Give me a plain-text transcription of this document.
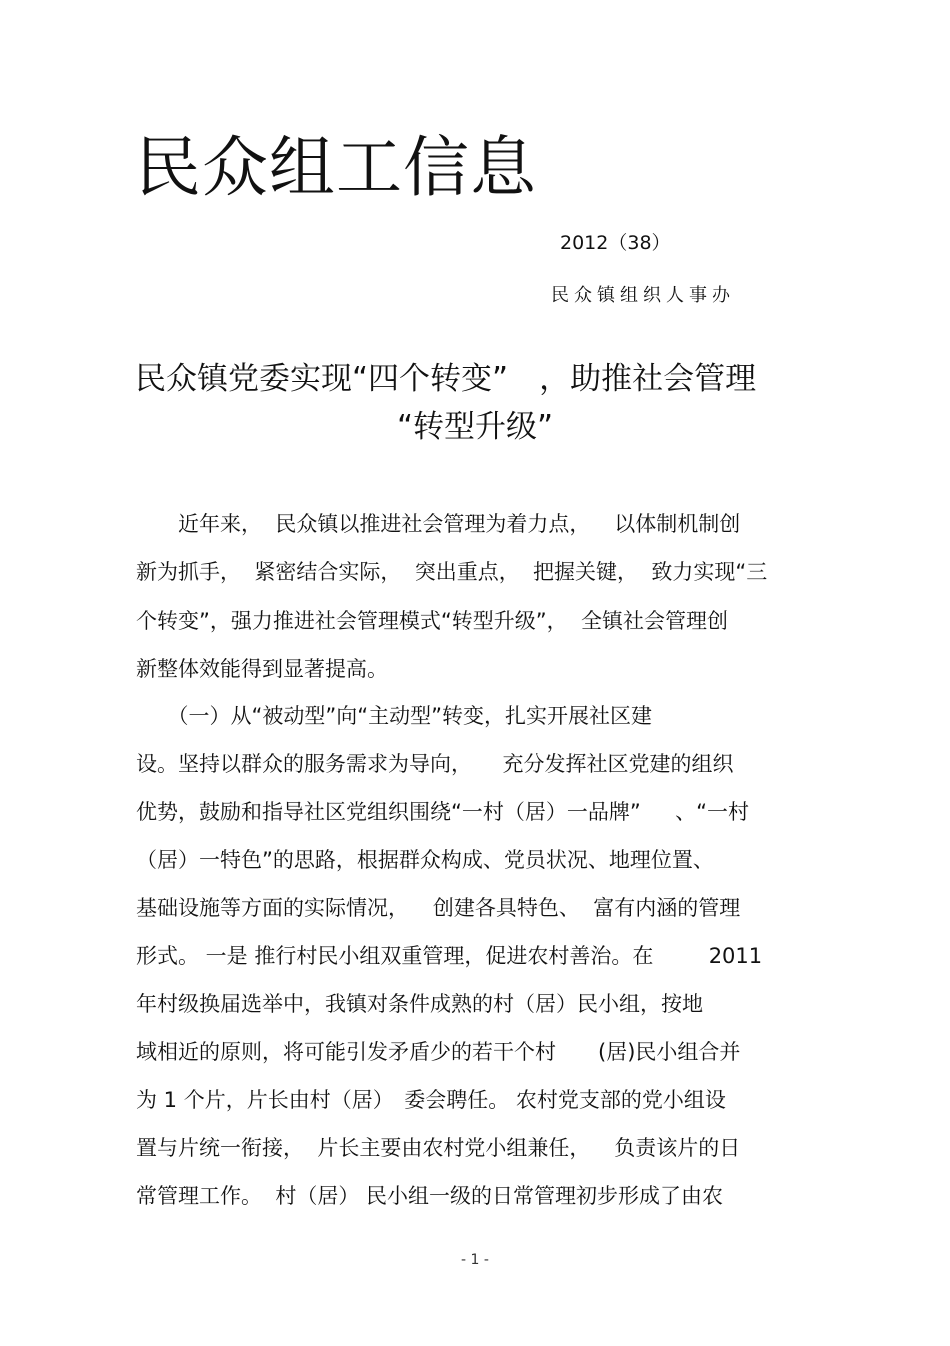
民众组工信息
2012（38）
民众镇组织人事办
民众镇党委实现“四个转变”　，助推社会管理
“转型升级”
　　近年来，  民众镇以推进社会管理为着力点，　  以体制机制创
新为抓手，  紧密结合实际，  突出重点，  把握关键，  致力实现“三
个转变”，强力推进社会管理模式“转型升级”，  全镇社会管理创
新整体效能得到显著提高。
　　（一）从“被动型”向“主动型”转变，扎实开展社区建
设。坚持以群众的服务需求为导向，　   充分发挥社区党建的组织
优势，鼓励和指导社区党组织围绕“一村（居）一品牌”　  、“一村
（居）一特色”的思路，根据群众构成、党员状况、地理位置、
基础设施等方面的实际情况，　  创建各具特色、  富有内涵的管理
形式。 一是 推行村民小组双重管理，促进农村善治。在　　  2011
年村级换届选举中，我镇对条件成熟的村（居）民小组，按地
域相近的原则，将可能引发矛盾少的若干个村　　(居)民小组合并
为 1 个片，片长由村（居）　委会聘任。 农村党支部的党小组设
置与片统一衔接，  片长主要由农村党小组兼任，　  负责该片的日
常管理工作。  村（居） 民小组一级的日常管理初步形成了由农
- 1 -
